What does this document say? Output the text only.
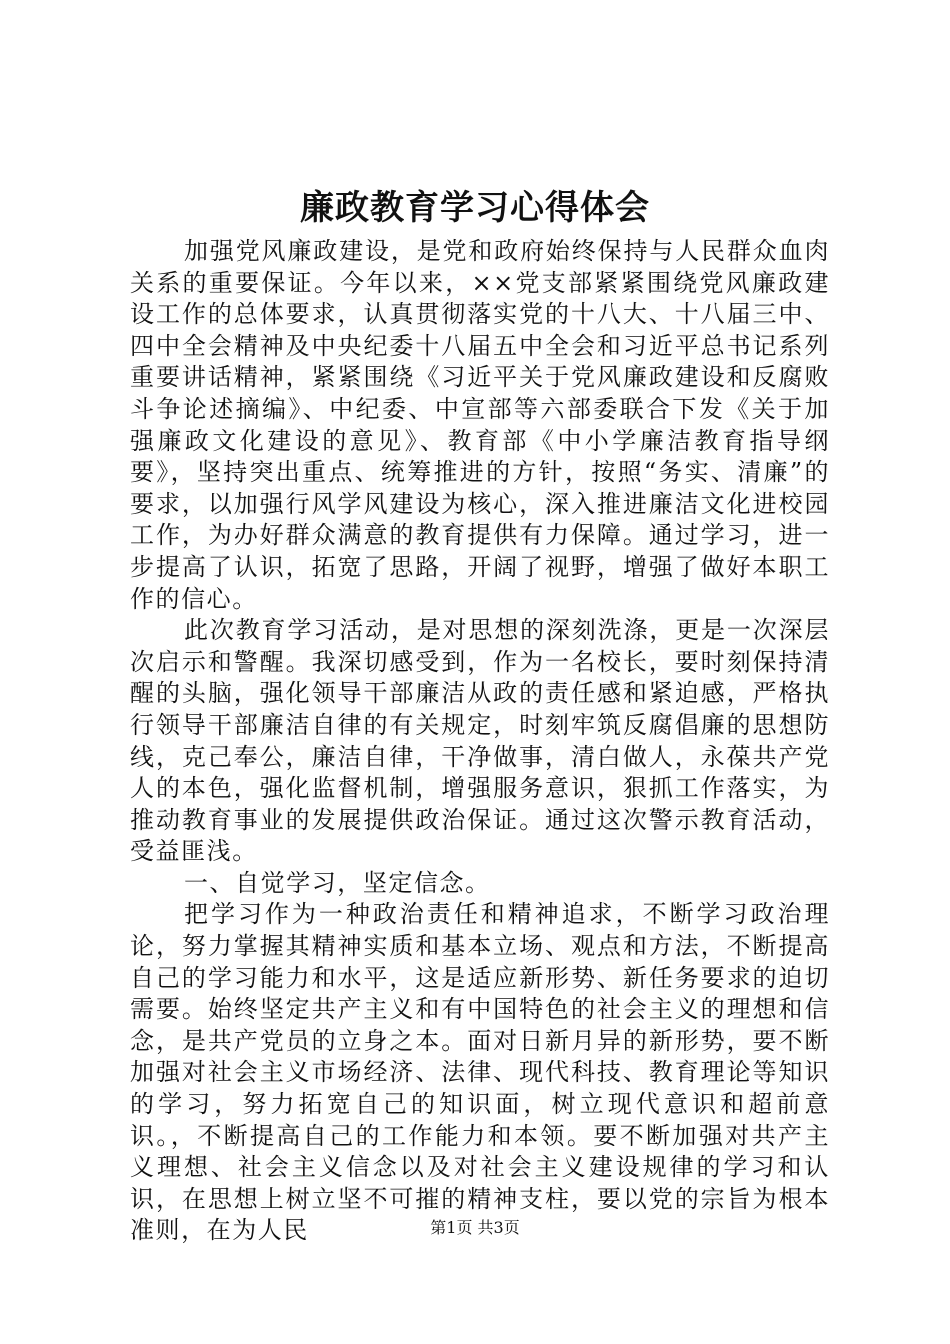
廉政教育学习心得体会

加强党风廉政建设，是党和政府始终保持与人民群众血肉关系的重要保证。今年以来，××党支部紧紧围绕党风廉政建设工作的总体要求，认真贯彻落实党的十八大、十八届三中、四中全会精神及中央纪委十八届五中全会和习近平总书记系列重要讲话精神，紧紧围绕《习近平关于党风廉政建设和反腐败斗争论述摘编》、中纪委、中宣部等六部委联合下发《关于加强廉政文化建设的意见》、教育部《中小学廉洁教育指导纲要》，坚持突出重点、统筹推进的方针，按照“务实、清廉”的要求，以加强行风学风建设为核心，深入推进廉洁文化进校园工作，为办好群众满意的教育提供有力保障。通过学习，进一步提高了认识，拓宽了思路，开阔了视野，增强了做好本职工作的信心。

此次教育学习活动，是对思想的深刻洗涤，更是一次深层次启示和警醒。我深切感受到，作为一名校长，要时刻保持清醒的头脑，强化领导干部廉洁从政的责任感和紧迫感，严格执行领导干部廉洁自律的有关规定，时刻牢筑反腐倡廉的思想防线，克己奉公，廉洁自律，干净做事，清白做人，永葆共产党人的本色，强化监督机制，增强服务意识，狠抓工作落实，为推动教育事业的发展提供政治保证。通过这次警示教育活动，受益匪浅。

一、自觉学习，坚定信念。

把学习作为一种政治责任和精神追求，不断学习政治理论，努力掌握其精神实质和基本立场、观点和方法，不断提高自己的学习能力和水平，这是适应新形势、新任务要求的迫切需要。始终坚定共产主义和有中国特色的社会主义的理想和信念，是共产党员的立身之本。面对日新月异的新形势，要不断加强对社会主义市场经济、法律、现代科技、教育理论等知识的学习，努力拓宽自己的知识面，树立现代意识和超前意识。，不断提高自己的工作能力和本领。要不断加强对共产主义理想、社会主义信念以及对社会主义建设规律的学习和认识，在思想上树立坚不可摧的精神支柱，要以党的宗旨为根本准则，在为人民	第1页 共3页
